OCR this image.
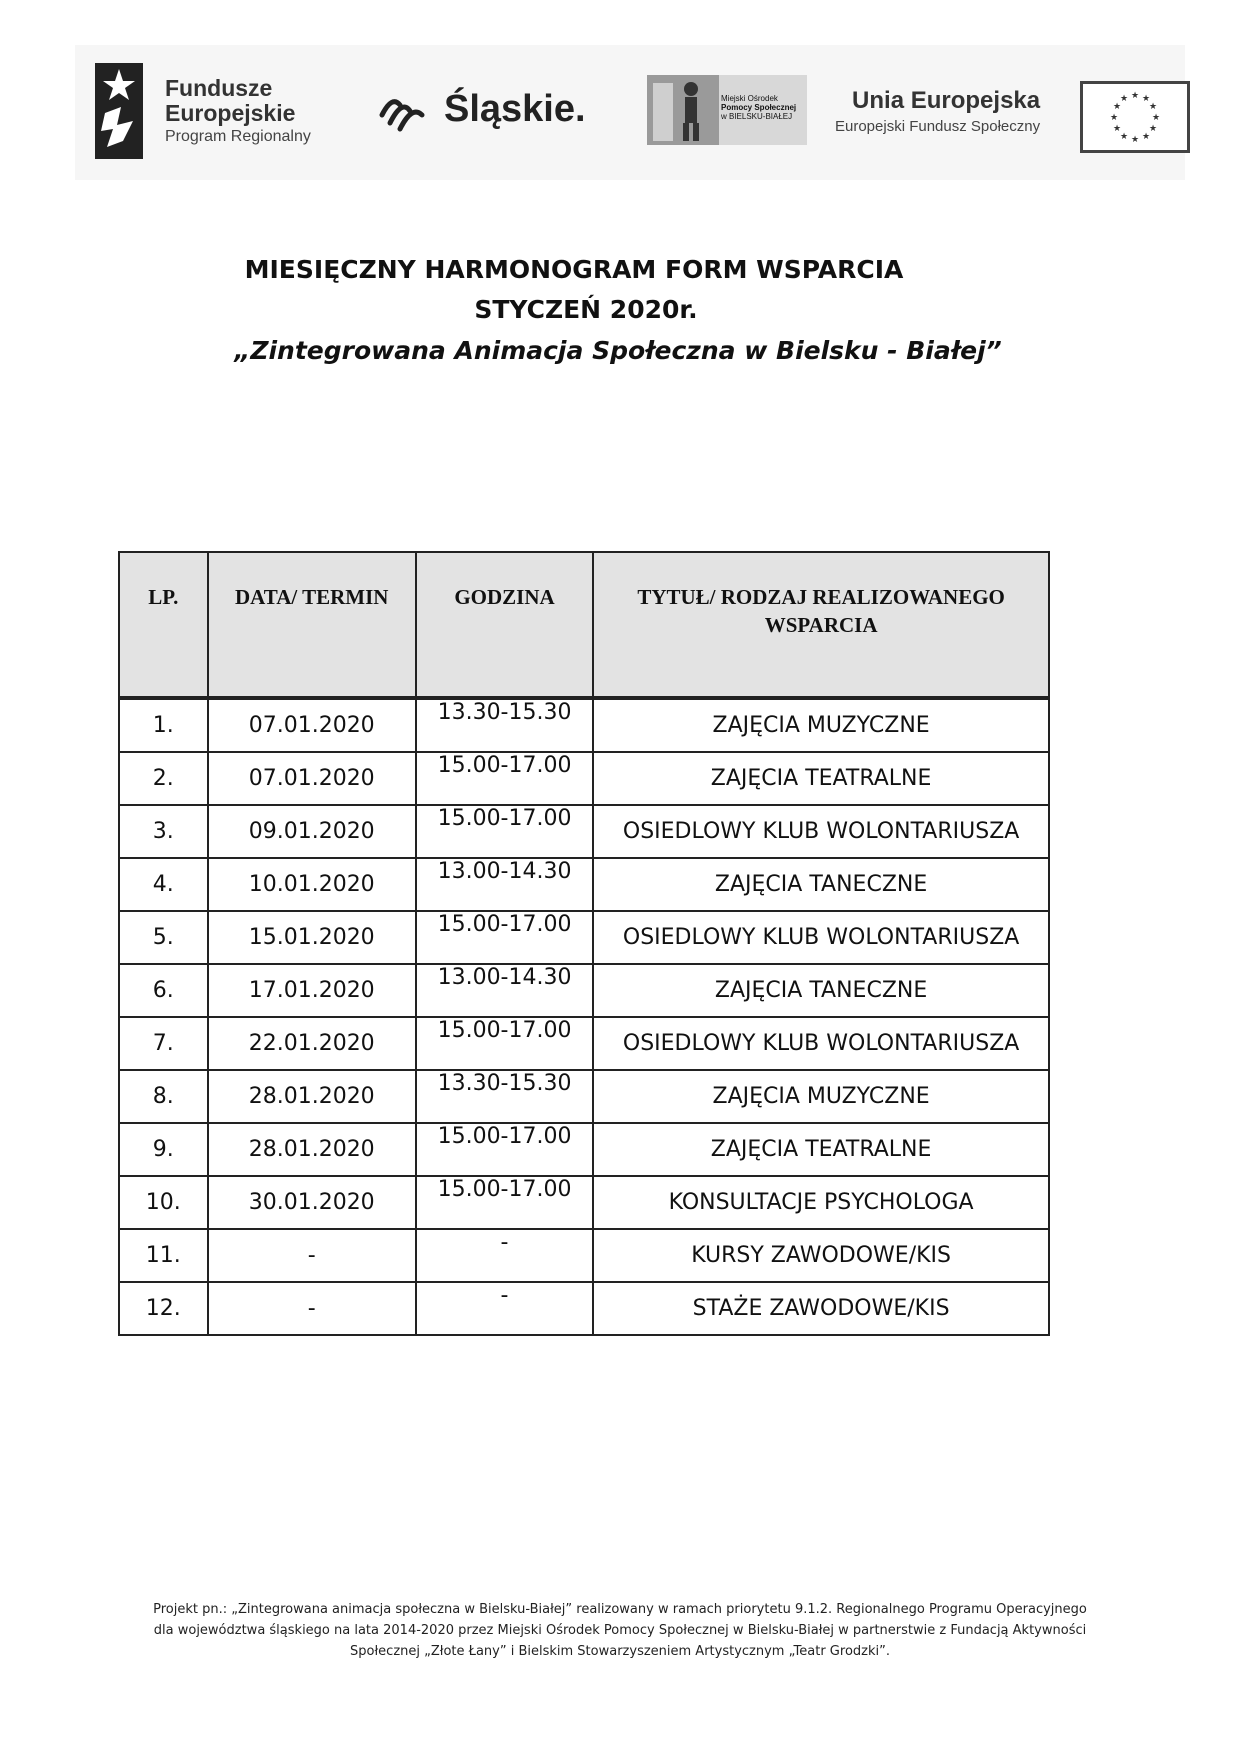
Fundusze
Europejskie
Program Regionalny
Śląskie.	Miejski Ośrodek
Pomocy Społecznej
w BIELSKU-BIAŁEJ
Unia Europejska
Europejski Fundusz Społeczny
★ ★
★
★
★
★
★
★
★
★
★
★
MIESIĘCZNY HARMONOGRAM FORM WSPARCIA
STYCZEŃ 2020r.
„Zintegrowana Animacja Społeczna w Bielsku - Białej”
LP.	DATA/ TERMIN	GODZINA	TYTUŁ/ RODZAJ REALIZOWANEGO WSPARCIA
1.	07.01.2020	13.30-15.30	ZAJĘCIA MUZYCZNE
2.	07.01.2020	15.00-17.00	ZAJĘCIA TEATRALNE
3.	09.01.2020	15.00-17.00	OSIEDLOWY KLUB WOLONTARIUSZA
4.	10.01.2020	13.00-14.30	ZAJĘCIA TANECZNE
5.	15.01.2020	15.00-17.00	OSIEDLOWY KLUB WOLONTARIUSZA
6.	17.01.2020	13.00-14.30	ZAJĘCIA TANECZNE
7.	22.01.2020	15.00-17.00	OSIEDLOWY KLUB WOLONTARIUSZA
8.	28.01.2020	13.30-15.30	ZAJĘCIA MUZYCZNE
9.	28.01.2020	15.00-17.00	ZAJĘCIA TEATRALNE
10.	30.01.2020	15.00-17.00	KONSULTACJE PSYCHOLOGA
11.	-	-	KURSY ZAWODOWE/KIS
12.	-	-	STAŻE ZAWODOWE/KIS
Projekt pn.: „Zintegrowana animacja społeczna w Bielsku-Białej” realizowany w ramach priorytetu 9.1.2. Regionalnego Programu Operacyjnego
dla województwa śląskiego na lata 2014-2020 przez Miejski Ośrodek Pomocy Społecznej w Bielsku-Białej w partnerstwie z Fundacją Aktywności
Społecznej „Złote Łany” i Bielskim Stowarzyszeniem Artystycznym „Teatr Grodzki”.
